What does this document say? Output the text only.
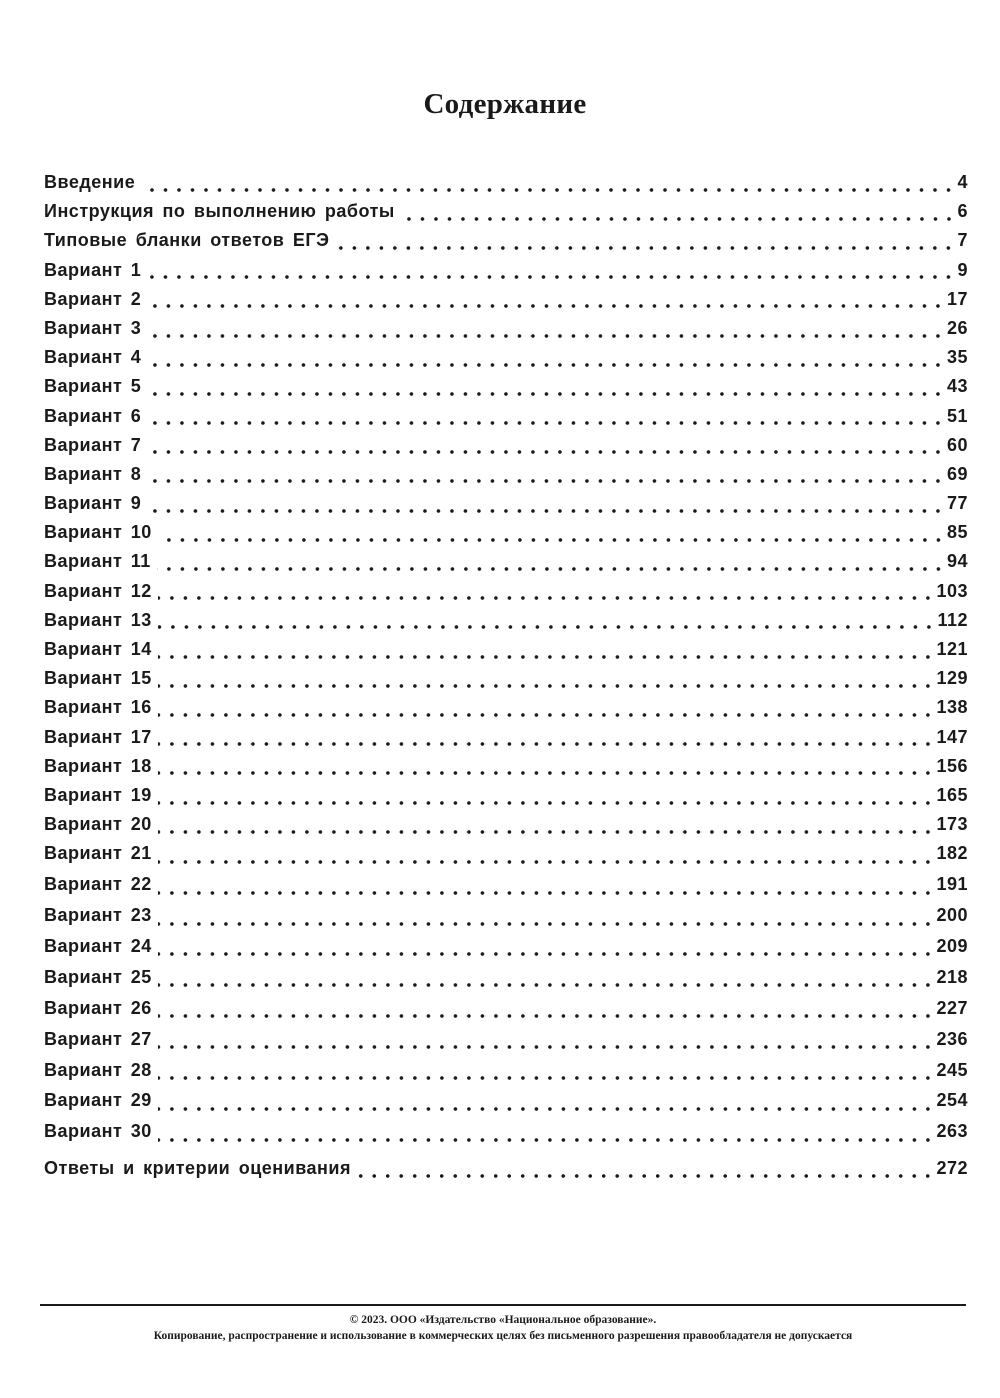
Содержание
Введение	4
Инструкция по выполнению работы	6
Типовые бланки ответов ЕГЭ	7
Вариант 1	9
Вариант 2	17
Вариант 3	26
Вариант 4	35
Вариант 5	43
Вариант 6	51
Вариант 7	60
Вариант 8	69
Вариант 9	77
Вариант 10	85
Вариант 11	94
Вариант 12	103
Вариант 13	112
Вариант 14	121
Вариант 15	129
Вариант 16	138
Вариант 17	147
Вариант 18	156
Вариант 19	165
Вариант 20	173
Вариант 21	182
Вариант 22	191
Вариант 23	200
Вариант 24	209
Вариант 25	218
Вариант 26	227
Вариант 27	236
Вариант 28	245
Вариант 29	254
Вариант 30	263
Ответы и критерии оценивания	272
© 2023. ООО «Издательство «Национальное образование».
Копирование, распространение и использование в коммерческих целях без письменного разрешения правообладателя не допускается
